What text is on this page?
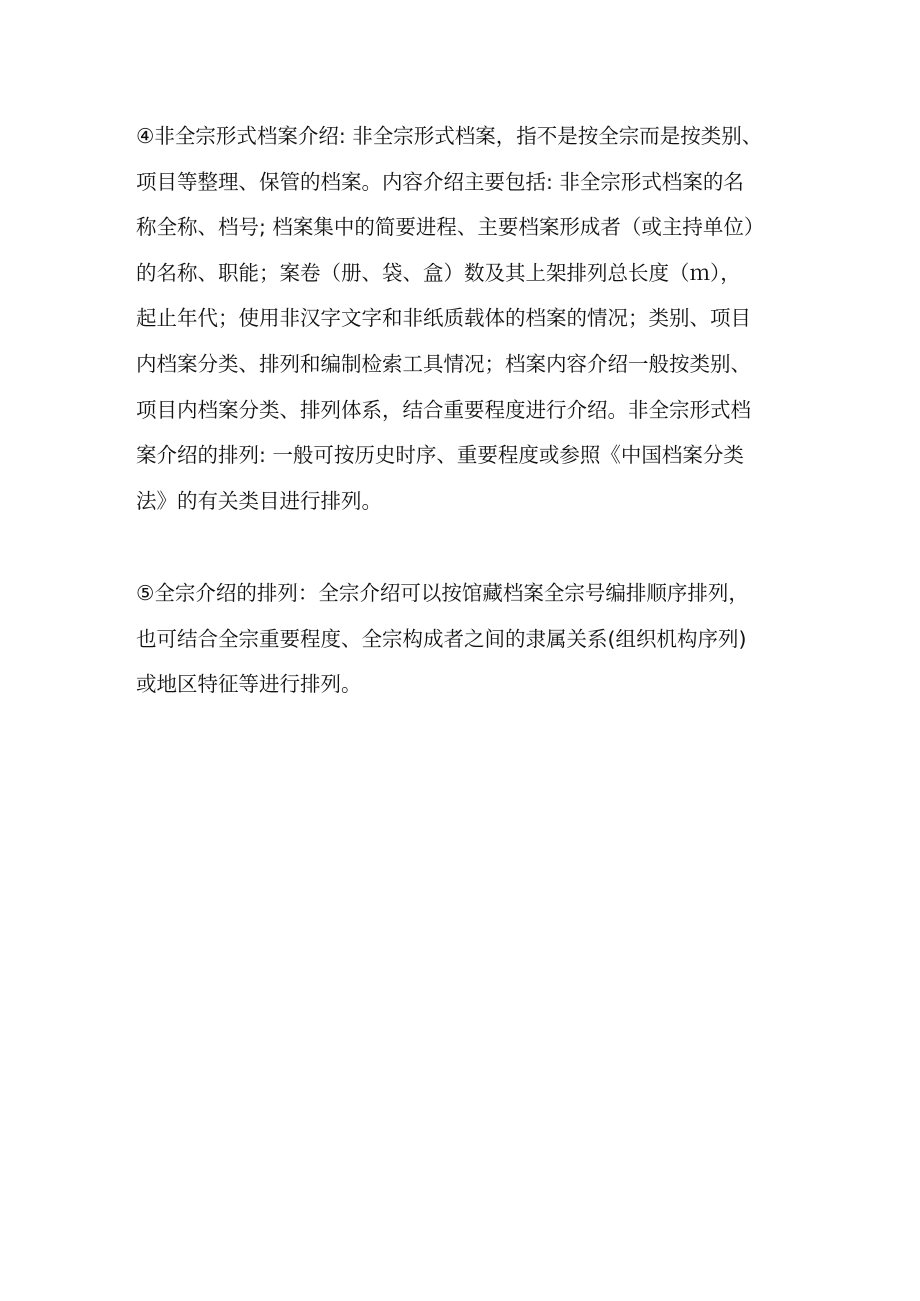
④非全宗形式档案介绍: 非全宗形式档案，指不是按全宗而是按类别、
项目等整理、保管的档案。内容介绍主要包括: 非全宗形式档案的名
称全称、档号; 档案集中的简要进程、主要档案形成者（或主持单位）
的名称、职能；案卷（册、袋、盒）数及其上架排列总长度（ｍ），
起止年代；使用非汉字文字和非纸质载体的档案的情况；类别、项目
内档案分类、排列和编制检索工具情况；档案内容介绍一般按类别、
项目内档案分类、排列体系，结合重要程度进行介绍。非全宗形式档
案介绍的排列: 一般可按历史时序、重要程度或参照《中国档案分类
法》的有关类目进行排列。
⑤全宗介绍的排列：全宗介绍可以按馆藏档案全宗号编排顺序排列，
也可结合全宗重要程度、全宗构成者之间的隶属关系(组织机构序列)
或地区特征等进行排列。
